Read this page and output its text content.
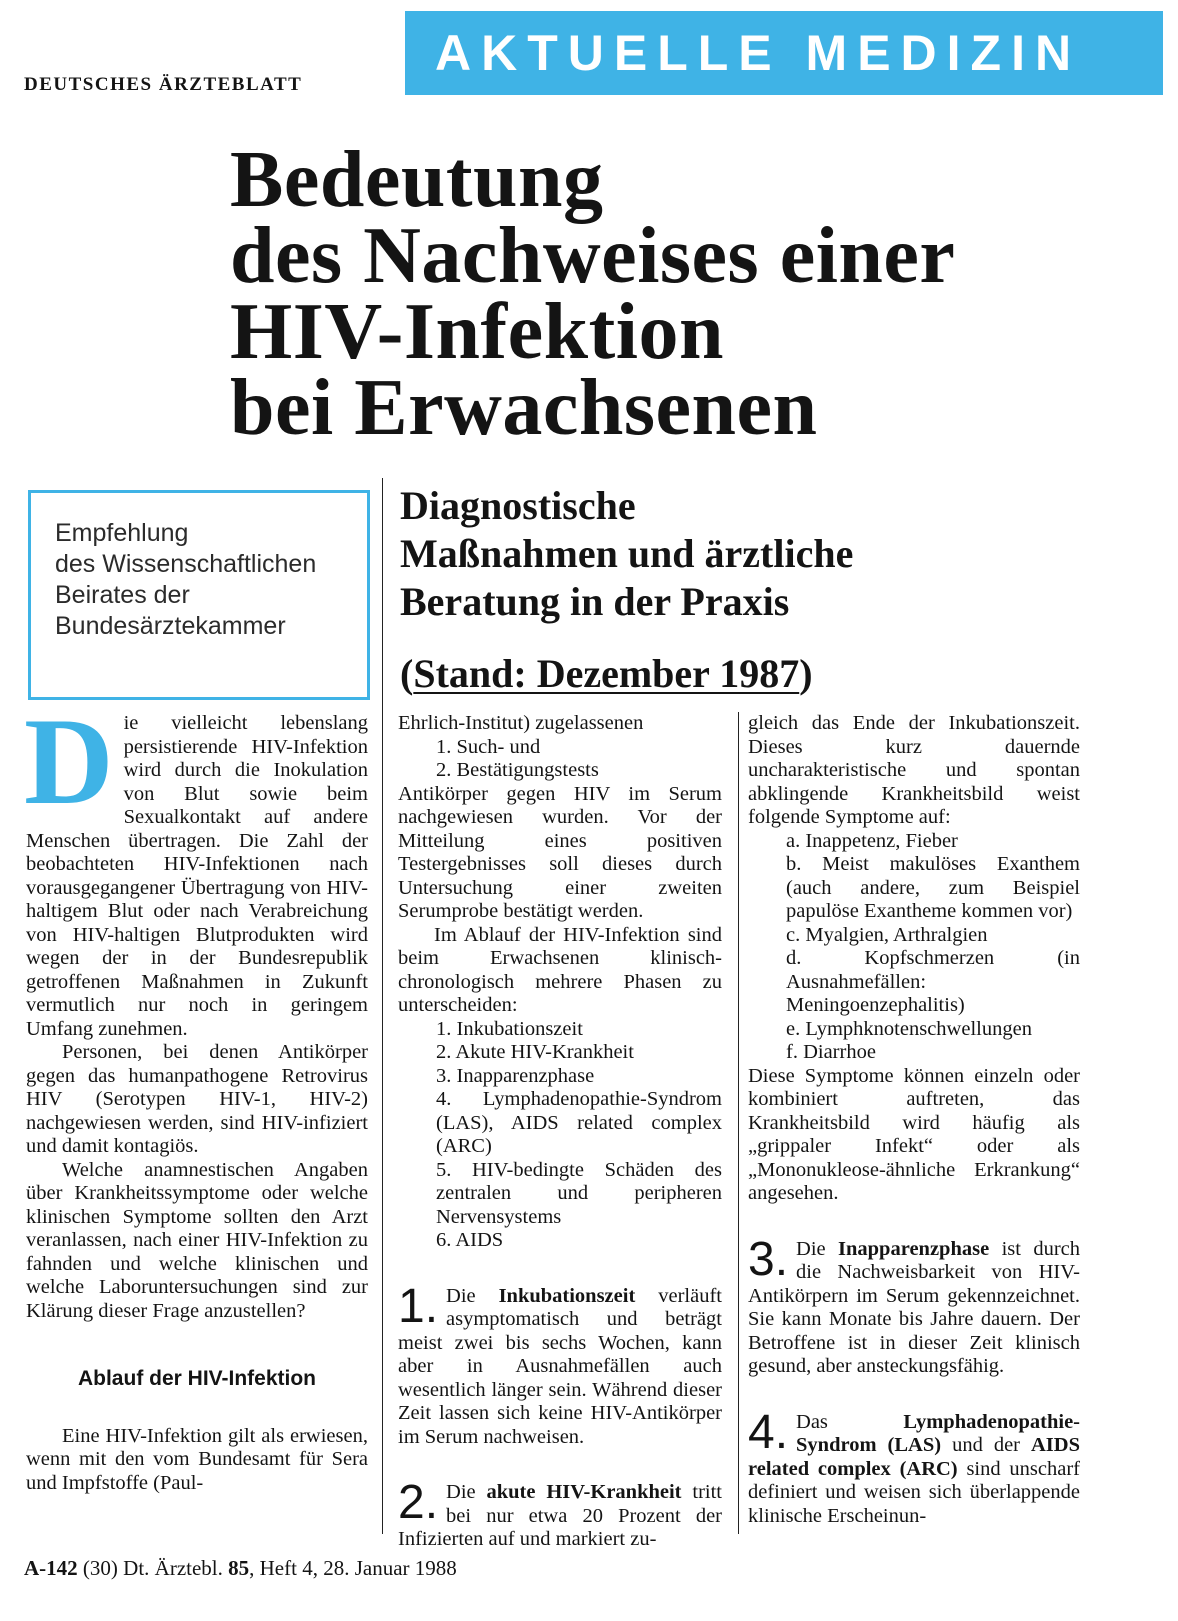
DEUTSCHES ÄRZTEBLATT
AKTUELLE MEDIZIN
Bedeutung
des Nachweises einer
HIV-Infektion
bei Erwachsenen
Empfehlung
des Wissenschaftlichen
Beirates der
Bundesärztekammer
Diagnostische
Maßnahmen und ärztliche
Beratung in der Praxis
(Stand: Dezember 1987)

Die vielleicht lebenslang persistierende HIV-Infektion wird durch die Inokulation von Blut sowie beim Sexualkontakt auf andere Menschen übertragen. Die Zahl der beobachteten HIV-Infektionen nach vorausgegangener Übertragung von HIV-haltigem Blut oder nach Verabreichung von HIV-haltigen Blutprodukten wird wegen der in der Bundesrepublik getroffenen Maßnahmen in Zukunft vermutlich nur noch in geringem Umfang zunehmen.

Personen, bei denen Antikörper gegen das humanpathogene Retrovirus HIV (Serotypen HIV-1, HIV-2) nachgewiesen werden, sind HIV-infiziert und damit kontagiös.

Welche anamnestischen Angaben über Krankheitssymptome oder welche klinischen Symptome sollten den Arzt veranlassen, nach einer HIV-Infektion zu fahnden und welche klinischen und welche Laboruntersuchungen sind zur Klärung dieser Frage anzustellen?

Ablauf der HIV-Infektion

Eine HIV-Infektion gilt als erwiesen, wenn mit den vom Bundesamt für Sera und Impfstoffe (Paul-

Ehrlich-Institut) zugelassenen

1. Such- und

2. Bestätigungstests

Antikörper gegen HIV im Serum nachgewiesen wurden. Vor der Mitteilung eines positiven Testergebnisses soll dieses durch Untersuchung einer zweiten Serumprobe bestätigt werden.

Im Ablauf der HIV-Infektion sind beim Erwachsenen klinisch-chronologisch mehrere Phasen zu unterscheiden:

1. Inkubationszeit

2. Akute HIV-Krankheit

3. Inapparenzphase

4. Lymphadenopathie-Syndrom (LAS), AIDS related complex (ARC)

5. HIV-bedingte Schäden des zentralen und peripheren Nervensystems

6. AIDS

1. Die Inkubationszeit verläuft asymptomatisch und beträgt meist zwei bis sechs Wochen, kann aber in Ausnahmefällen auch wesentlich länger sein. Während dieser Zeit lassen sich keine HIV-Antikörper im Serum nachweisen.

2. Die akute HIV-Krankheit tritt bei nur etwa 20 Prozent der Infizierten auf und markiert zu-

gleich das Ende der Inkubationszeit. Dieses kurz dauernde uncharakteristische und spontan abklingende Krankheitsbild weist folgende Symptome auf:

a. Inappetenz, Fieber

b. Meist makulöses Exanthem (auch andere, zum Beispiel papulöse Exantheme kommen vor)

c. Myalgien, Arthralgien

d. Kopfschmerzen (in Ausnahmefällen: Meningoenzephalitis)

e. Lymphknotenschwellungen

f. Diarrhoe

Diese Symptome können einzeln oder kombiniert auftreten, das Krankheitsbild wird häufig als „grippaler Infekt“ oder als „Mononukleose-ähnliche Erkrankung“ angesehen.

3. Die Inapparenzphase ist durch die Nachweisbarkeit von HIV-Antikörpern im Serum gekennzeichnet. Sie kann Monate bis Jahre dauern. Der Betroffene ist in dieser Zeit klinisch gesund, aber ansteckungsfähig.

4. Das Lymphadenopathie-Syndrom (LAS) und der AIDS related complex (ARC) sind unscharf definiert und weisen sich überlappende klinische Erscheinun-

A-142 (30) Dt. Ärztebl. 85, Heft 4, 28. Januar 1988
